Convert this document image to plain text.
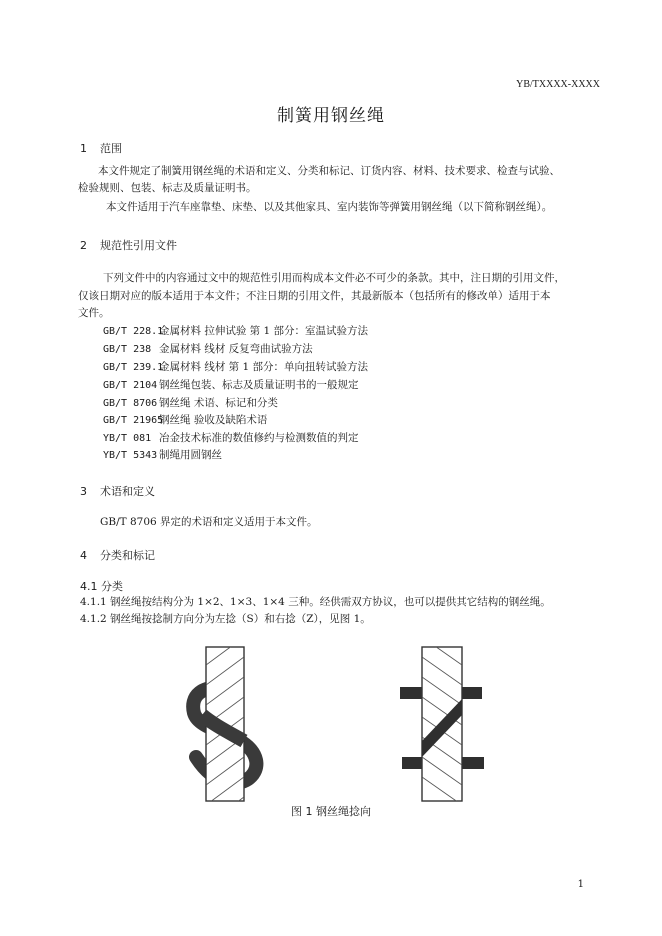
YB/TXXXX-XXXX
制簧用钢丝绳
1 范围
本文件规定了制簧用钢丝绳的术语和定义、分类和标记、订货内容、材料、技术要求、检查与试验、
检验规则、包装、标志及质量证明书。
本文件适用于汽车座靠垫、床垫、以及其他家具、室内装饰等弹簧用钢丝绳（以下简称钢丝绳）。
2 规范性引用文件
下列文件中的内容通过文中的规范性引用而构成本文件必不可少的条款。其中，注日期的引用文件，
仅该日期对应的版本适用于本文件；不注日期的引用文件，其最新版本（包括所有的修改单）适用于本
文件。
GB/T 228.1金属材料 拉伸试验 第 1 部分：室温试验方法
GB/T 238 金属材料 线材 反复弯曲试验方法
GB/T 239.1金属材料 线材 第 1 部分：单向扭转试验方法
GB/T 2104 钢丝绳包装、标志及质量证明书的一般规定
GB/T 8706 钢丝绳 术语、标记和分类
GB/T 21965钢丝绳 验收及缺陷术语
YB/T 081 冶金技术标准的数值修约与检测数值的判定
YB/T 5343 制绳用圆钢丝
3 术语和定义
GB/T 8706 界定的术语和定义适用于本文件。
4 分类和标记
4.1 分类
4.1.1 钢丝绳按结构分为 1×2、1×3、1×4 三种。经供需双方协议，也可以提供其它结构的钢丝绳。
4.1.2 钢丝绳按捻制方向分为左捻（S）和右捻（Z），见图 1。
图 1 钢丝绳捻向
1
